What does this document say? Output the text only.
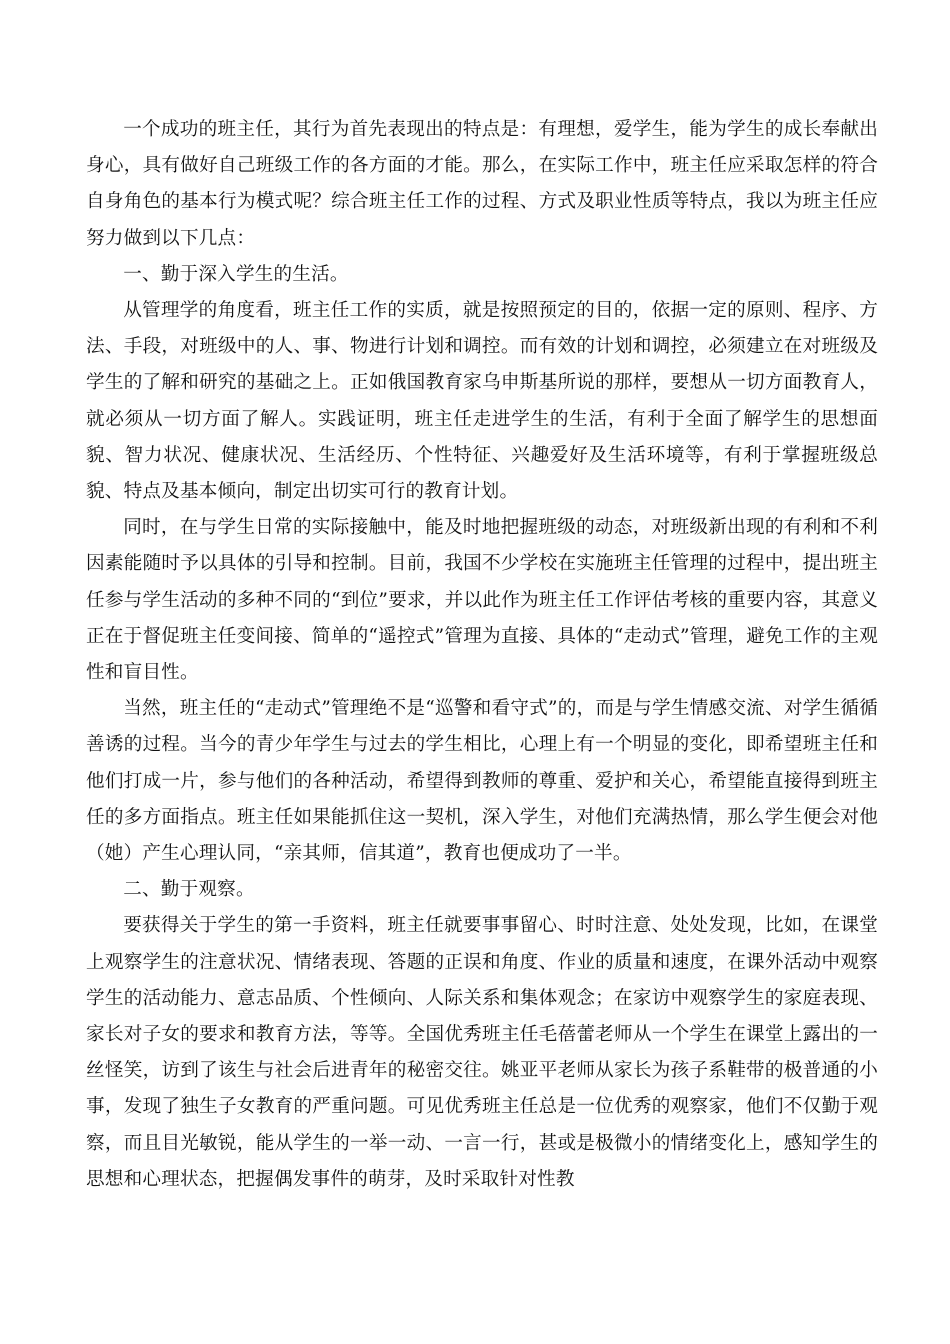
一个成功的班主任，其行为首先表现出的特点是：有理想，爱学生，能为学生的成长奉献出身心，具有做好自己班级工作的各方面的才能。那么，在实际工作中，班主任应采取怎样的符合自身角色的基本行为模式呢？综合班主任工作的过程、方式及职业性质等特点，我以为班主任应努力做到以下几点：

一、勤于深入学生的生活。

从管理学的角度看，班主任工作的实质，就是按照预定的目的，依据一定的原则、程序、方法、手段，对班级中的人、事、物进行计划和调控。而有效的计划和调控，必须建立在对班级及学生的了解和研究的基础之上。正如俄国教育家乌申斯基所说的那样，要想从一切方面教育人，就必须从一切方面了解人。实践证明，班主任走进学生的生活，有利于全面了解学生的思想面貌、智力状况、健康状况、生活经历、个性特征、兴趣爱好及生活环境等，有利于掌握班级总貌、特点及基本倾向，制定出切实可行的教育计划。

同时，在与学生日常的实际接触中，能及时地把握班级的动态，对班级新出现的有利和不利因素能随时予以具体的引导和控制。目前，我国不少学校在实施班主任管理的过程中，提出班主任参与学生活动的多种不同的“到位”要求，并以此作为班主任工作评估考核的重要内容，其意义正在于督促班主任变间接、简单的“遥控式”管理为直接、具体的“走动式”管理，避免工作的主观性和盲目性。

当然，班主任的“走动式”管理绝不是“巡警和看守式”的，而是与学生情感交流、对学生循循善诱的过程。当今的青少年学生与过去的学生相比，心理上有一个明显的变化，即希望班主任和他们打成一片，参与他们的各种活动，希望得到教师的尊重、爱护和关心，希望能直接得到班主任的多方面指点。班主任如果能抓住这一契机，深入学生，对他们充满热情，那么学生便会对他（她）产生心理认同，“亲其师，信其道”，教育也便成功了一半。

二、勤于观察。

要获得关于学生的第一手资料，班主任就要事事留心、时时注意、处处发现，比如，在课堂上观察学生的注意状况、情绪表现、答题的正误和角度、作业的质量和速度，在课外活动中观察学生的活动能力、意志品质、个性倾向、人际关系和集体观念；在家访中观察学生的家庭表现、家长对子女的要求和教育方法，等等。全国优秀班主任毛蓓蕾老师从一个学生在课堂上露出的一丝怪笑，访到了该生与社会后进青年的秘密交往。姚亚平老师从家长为孩子系鞋带的极普通的小事，发现了独生子女教育的严重问题。可见优秀班主任总是一位优秀的观察家，他们不仅勤于观察，而且目光敏锐，能从学生的一举一动、一言一行，甚或是极微小的情绪变化上，感知学生的思想和心理状态，把握偶发事件的萌芽，及时采取针对性教
